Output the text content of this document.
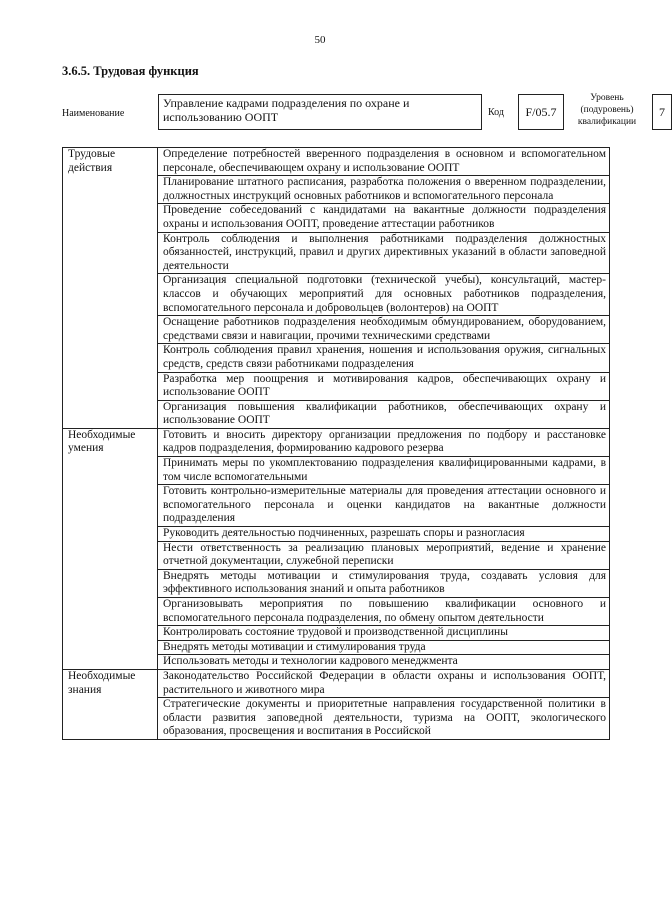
50
3.6.5. Трудовая функция
Наименование
Управление кадрами подразделения по охране и использованию ООПТ	Код	F/05.7
Уровень (подуровень) квалификации
7
Трудовые действия	Определение потребностей вверенного подразделения в основном и вспомогательном персонале, обеспечивающем охрану и использование ООПТ
	Планирование штатного расписания, разработка положения о вверенном подразделении, должностных инструкций основных работников и вспомогательного персонала
	Проведение собеседований с кандидатами на вакантные должности подразделения охраны и использования ООПТ, проведение аттестации работников
	Контроль соблюдения и выполнения работниками подразделения должностных обязанностей, инструкций, правил и других директивных указаний в области заповедной деятельности
	Организация специальной подготовки (технической учебы), консультаций, мастер-классов и обучающих мероприятий для основных работников подразделения, вспомогательного персонала и добровольцев (волонтеров) на ООПТ
	Оснащение работников подразделения необходимым обмундированием, оборудованием, средствами связи и навигации, прочими техническими средствами
	Контроль соблюдения правил хранения, ношения и использования оружия, сигнальных средств, средств связи работниками подразделения
	Разработка мер поощрения и мотивирования кадров, обеспечивающих охрану и использование ООПТ
	Организация повышения квалификации работников, обеспечивающих охрану и использование ООПТ
Необходимые умения	Готовить и вносить директору организации предложения по подбору и расстановке кадров подразделения, формированию кадрового резерва
	Принимать меры по укомплектованию подразделения квалифицированными кадрами, в том числе вспомогательными
	Готовить контрольно-измерительные материалы для проведения аттестации основного и вспомогательного персонала и оценки кандидатов на вакантные должности подразделения
	Руководить деятельностью подчиненных, разрешать споры и разногласия
	Нести ответственность за реализацию плановых мероприятий, ведение и хранение отчетной документации, служебной переписки
	Внедрять методы мотивации и стимулирования труда, создавать условия для эффективного использования знаний и опыта работников
	Организовывать мероприятия по повышению квалификации основного и вспомогательного персонала подразделения, по обмену опытом деятельности
	Контролировать состояние трудовой и производственной дисциплины
	Внедрять методы мотивации и стимулирования труда
	Использовать методы и технологии кадрового менеджмента
Необходимые знания	Законодательство Российской Федерации в области охраны и использования ООПТ, растительного и животного мира
	Стратегические документы и приоритетные направления государственной политики в области развития заповедной деятельности, туризма на ООПТ, экологического образования, просвещения и воспитания в Российской
